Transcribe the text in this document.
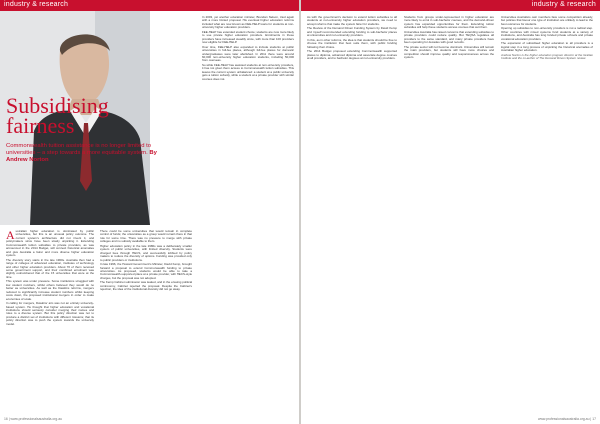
industry & research
Subsidising fairness

Commonwealth tuition assistance is no longer limited to universities – a step towards a more equitable system. By Andrew Norton

A ustralian higher education is dominated by public universities, but this is an unusual policy outcome. The current system's architecture did not invent it, and policymakers since have been slowly unpicking it. Extending Commonwealth tuition subsidies to private providers, as was announced in the 2014 Budget, will connect historical anomalies and give Australia a fairer and more diverse higher education system.

The diversity story starts in the late 1960s. Australia then had a range of colleges of advanced education, institutes of technology and other higher education providers. About 70 of them received some government support, and their combined enrolment was slightly outnumbered that of the 15 universities that were at the time.

This system was under pressure. Some institutions struggled with low student numbers, whilst others believed they would do no better as universities. As well as the Dawkins reforms, mergers reduced to significantly increase student numbers whilst keeping costs down, the proposed institutional mergers in order to make economies of scale.

In calling for mergers, Dawkins' aim was not an entirely university-based system. He thought that higher education and vocational institutions should seriously consider merging their names and roles to a diverse system. But this policy direction was not to produce a distinct set of institutions with different missions; that its policy direction was to push the system towards the university model.

There could be some universities that would remain in complete control of funds; the universities as a group would remain there in that role for some time. There was no pressure to merge with private colleges and no subsidy available to them.

Higher education policy in the late 1980s was a deliberately smaller system of public universities, with limited diversity. Students were charged fees through HECS, and successfully lobbied by policy makers to reduce the diversity of options. Funding was provided only to public providers or institutions.

In late 1996, the Howard Government's Minister, David Kemp, brought forward a proposal to extend Commonwealth funding to private universities. As proposed, students would be able to take a Commonwealth-supported place at a private provider, with HECS-style charges, but the proposal was not adopted.

The Kemp Cabinet submission was leaked, and in the ensuing political controversy, Cabinet rejected the proposal. Despite the Cabinet's rejection, the idea of the institutional diversity did not go away.

In 2003, yet another education minister, Brendan Nelson, tried again with a more limited proposal. His eventual higher education reforms included what are now known as FEE-HELP loans for students at non-university higher education providers.

FEE-HELP has extended student choice; students are now more likely to use private higher education providers. Enrolments in those providers have increased steadily since, with more than 100 providers now eligible for FEE-HELP.

Over time, FEE-HELP also expanded to include students at public universities in full-fee places, although full-fee places for domestic undergraduates were later abolished. In 2011 there were around 60,000 non-university higher education students, including 50,000 from overseas.

So while FEE-HELP has assisted students at non-university providers, it has not given them access to Commonwealth tuition subsidies. This leaves the current system unbalanced: a student at a public university gets a tuition subsidy, while a student at a private provider with similar courses does not.

16 | www.professionalsaustralia.org.au
industry & research

As with the government's decision to extend tuition subsidies to all students at non-university higher education providers, we need to accept reforms that make the system fairer for students.

The Review of the Demand Driven Funding System by David Kemp and myself recommended extending funding to sub-bachelor places at universities and non-university providers.

In this, as in other reforms, the idea is that students should be free to choose the institution that best suits them, with public funding following their choice.

The 2014 Budget proposed extending Commonwealth supported places to diploma, advanced diploma and associate degree courses at all providers, and to bachelor degrees at non-university providers.

Students from groups under-represented in higher education are more likely to enrol in sub-bachelor courses, and the demand-driven system has expanded opportunities for them. Extending tuition subsidies will help these students access courses that suit them.

Universities Australia has raised concerns that extending subsidies to private providers could reduce quality. But TEQSA regulates all providers to the same standard, and many private providers have been operating for decades with good records.

The private sector will not become dominant. Universities will remain the main providers, but students will have more choices and competition should improve quality and responsiveness across the system.

Universities Australia's own members face some competition already, but policies that favour one type of institution are unlikely to lead to the best outcomes for students.

Opening up subsidies to non-university providers is not a radical step. Other countries with mixed systems fund students at a variety of institutions, and Australia has long funded private schools and private vocational education providers.

The expansion of subsidised higher education to all providers is a logical step in a long process of unpicking the historical anomalies of Australian higher education.

Andrew Norton is the higher education program director at the Grattan Institute and the co-author of The Demand Driven System review.

www.professionalsaustralia.org.au | 17
